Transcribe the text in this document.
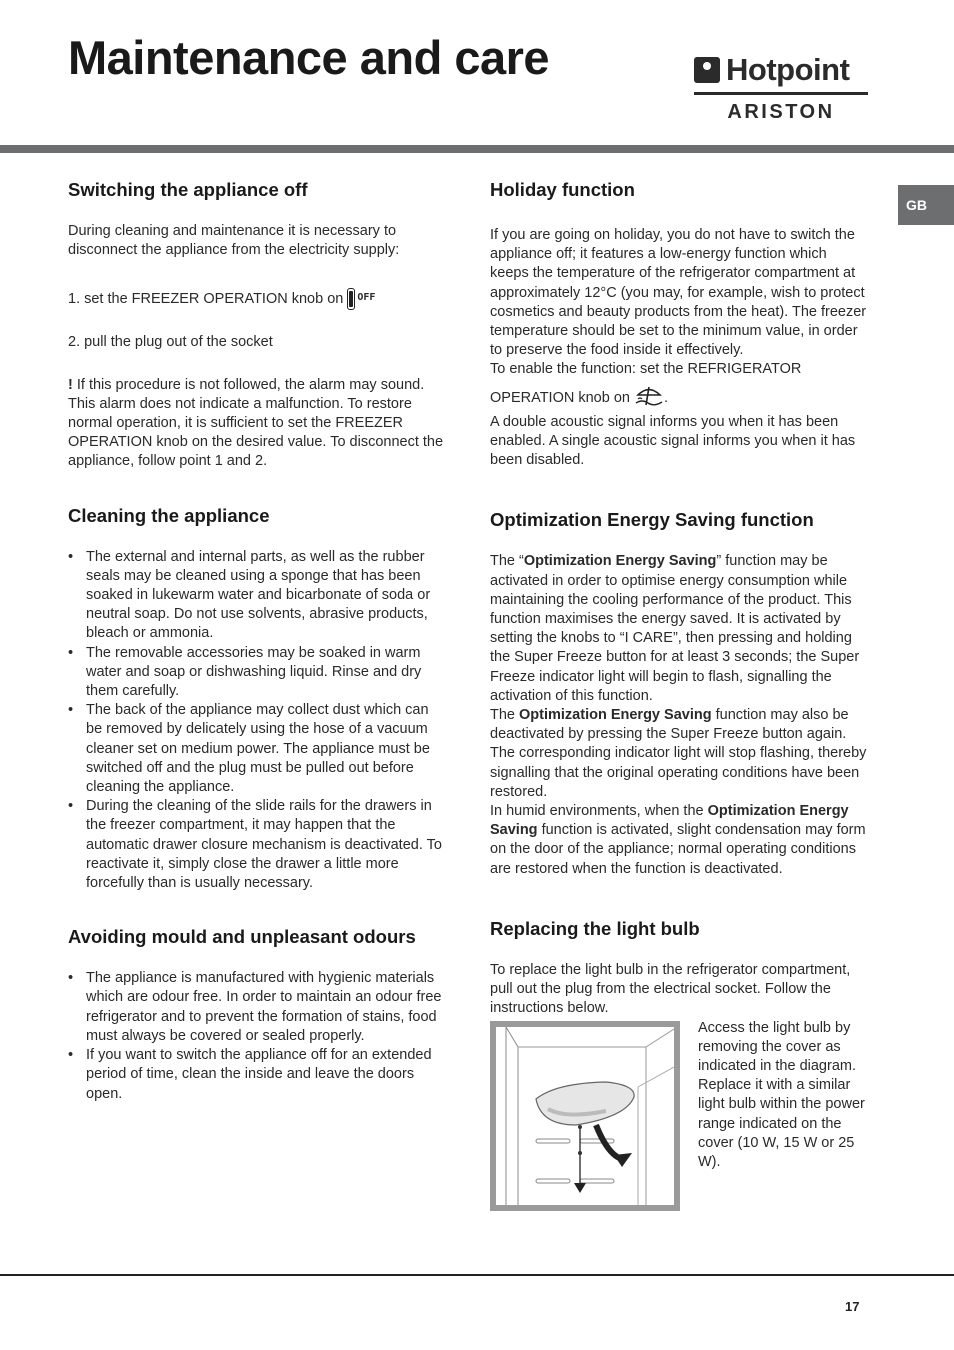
Maintenance and care	Hotpoint
ARISTON
GB
Switching the appliance off

During cleaning and maintenance it is necessary to disconnect the appliance from the electricity supply:

1. set the FREEZER OPERATION knob on $^{OFF}$

2. pull the plug out of the socket

! If this procedure is not followed, the alarm may sound. This alarm does not indicate a malfunction. To restore normal operation, it is sufficient to set the FREEZER OPERATION knob on the desired value. To disconnect the appliance, follow point 1 and 2.

Cleaning the appliance
• The external and internal parts, as well as the rubber seals may be cleaned using a sponge that has been soaked in lukewarm water and bicarbonate of soda or neutral soap. Do not use solvents, abrasive products, bleach or ammonia.
• The removable accessories may be soaked in warm water and soap or dishwashing liquid. Rinse and dry them carefully.
• The back of the appliance may collect dust which can be removed by delicately using the hose of a vacuum cleaner set on medium power. The appliance must be switched off and the plug must be pulled out before cleaning the appliance.
• During the cleaning of the slide rails for the drawers in the freezer compartment, it may happen that the automatic drawer closure mechanism is deactivated. To reactivate it, simply close the drawer a little more forcefully than is usually necessary.
Avoiding mould and unpleasant odours
• The appliance is manufactured with hygienic materials which are odour free. In order to maintain an odour free refrigerator and to prevent the formation of stains, food must always be covered or sealed properly.
• If you want to switch the appliance off for an extended period of time, clean the inside and leave the doors open.
Holiday function

If you are going on holiday, you do not have to switch the appliance off; it features a low-energy function which keeps the temperature of the refrigerator compartment at approximately 12°C (you may, for example, wish to protect cosmetics and beauty products from the heat). The freezer temperature should be set to the minimum value, in order to preserve the food inside it effectively.

To enable the function: set the REFRIGERATOR

OPERATION knob on .

A double acoustic signal informs you when it has been enabled. A single acoustic signal informs you when it has been disabled.

Optimization Energy Saving function

The “Optimization Energy Saving” function may be activated in order to optimise energy consumption while maintaining the cooling performance of the product. This function maximises the energy saved. It is activated by setting the knobs to “I CARE”, then pressing and holding the Super Freeze button for at least 3 seconds; the Super Freeze indicator light will begin to flash, signalling the activation of this function.

The Optimization Energy Saving function may also be deactivated by pressing the Super Freeze button again. The corresponding indicator light will stop flashing, thereby signalling that the original operating conditions have been restored.

In humid environments, when the Optimization Energy Saving function is activated, slight condensation may form on the door of the appliance; normal operating conditions are restored when the function is deactivated.

Replacing the light bulb

To replace the light bulb in the refrigerator compartment, pull out the plug from the electrical socket. Follow the instructions below.

Access the light bulb by removing the cover as indicated in the diagram.

Replace it with a similar light bulb within the power range indicated on the cover (10 W, 15 W or 25 W).

17
